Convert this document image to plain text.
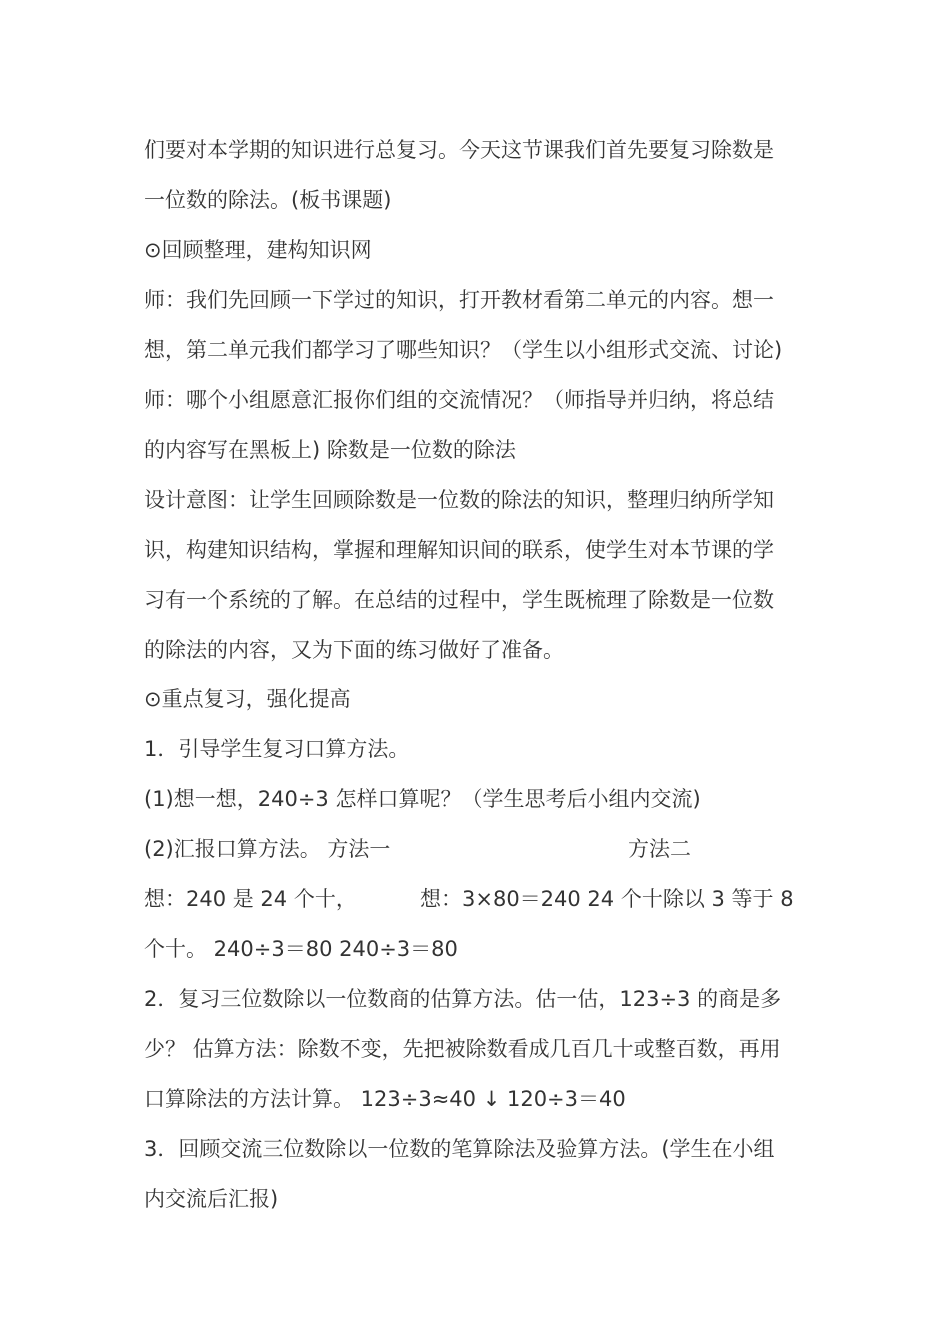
们要对本学期的知识进行总复习。今天这节课我们首先要复习除数是
一位数的除法。(板书课题)
⊙回顾整理，建构知识网
师：我们先回顾一下学过的知识，打开教材看第二单元的内容。想一
想，第二单元我们都学习了哪些知识？（学生以小组形式交流、讨论)
师：哪个小组愿意汇报你们组的交流情况？（师指导并归纳，将总结
的内容写在黑板上) 除数是一位数的除法
设计意图：让学生回顾除数是一位数的除法的知识，整理归纳所学知
识，构建知识结构，掌握和理解知识间的联系，使学生对本节课的学
习有一个系统的了解。在总结的过程中，学生既梳理了除数是一位数
的除法的内容，又为下面的练习做好了准备。
⊙重点复习，强化提高
1．引导学生复习口算方法。
(1)想一想，240÷3 怎样口算呢？（学生思考后小组内交流)
(2)汇报口算方法。 方法一	方法二
想：240 是 24 个十，	想：3×80＝240 24 个十除以 3 等于 8
个十。 240÷3＝80 240÷3＝80
2．复习三位数除以一位数商的估算方法。估一估，123÷3 的商是多
少？ 估算方法：除数不变，先把被除数看成几百几十或整百数，再用
口算除法的方法计算。 123÷3≈40 ↓ 120÷3＝40
3．回顾交流三位数除以一位数的笔算除法及验算方法。(学生在小组
内交流后汇报)
